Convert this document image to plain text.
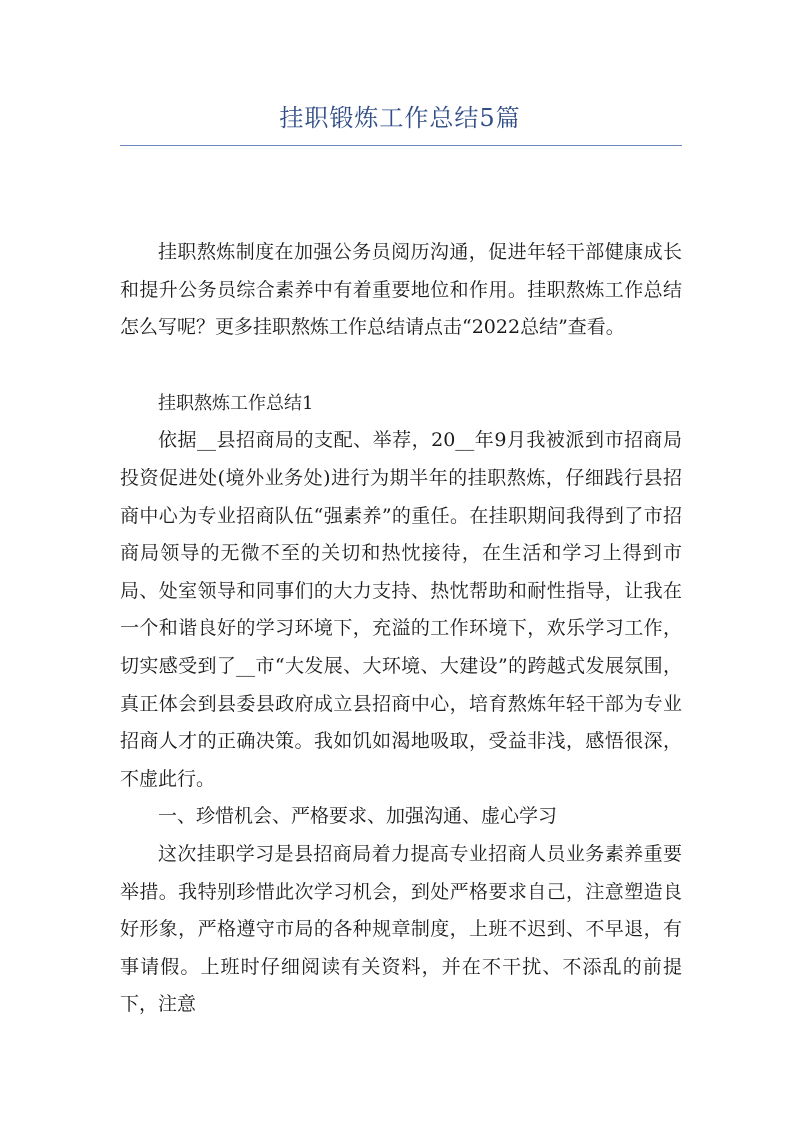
挂职锻炼工作总结5篇

挂职熬炼制度在加强公务员阅历沟通，促进年轻干部健康成长和提升公务员综合素养中有着重要地位和作用。挂职熬炼工作总结怎么写呢？更多挂职熬炼工作总结请点击“2022总结”查看。

挂职熬炼工作总结1

依据__县招商局的支配、举荐，20__年9月我被派到市招商局投资促进处(境外业务处)进行为期半年的挂职熬炼，仔细践行县招商中心为专业招商队伍“强素养”的重任。在挂职期间我得到了市招商局领导的无微不至的关切和热忱接待，在生活和学习上得到市局、处室领导和同事们的大力支持、热忱帮助和耐性指导，让我在一个和谐良好的学习环境下，充溢的工作环境下，欢乐学习工作，切实感受到了__市“大发展、大环境、大建设”的跨越式发展氛围，真正体会到县委县政府成立县招商中心，培育熬炼年轻干部为专业招商人才的正确决策。我如饥如渴地吸取，受益非浅，感悟很深，不虚此行。

一、珍惜机会、严格要求、加强沟通、虚心学习

这次挂职学习是县招商局着力提高专业招商人员业务素养重要举措。我特别珍惜此次学习机会，到处严格要求自己，注意塑造良好形象，严格遵守市局的各种规章制度，上班不迟到、不早退，有事请假。上班时仔细阅读有关资料，并在不干扰、不添乱的前提下，注意
